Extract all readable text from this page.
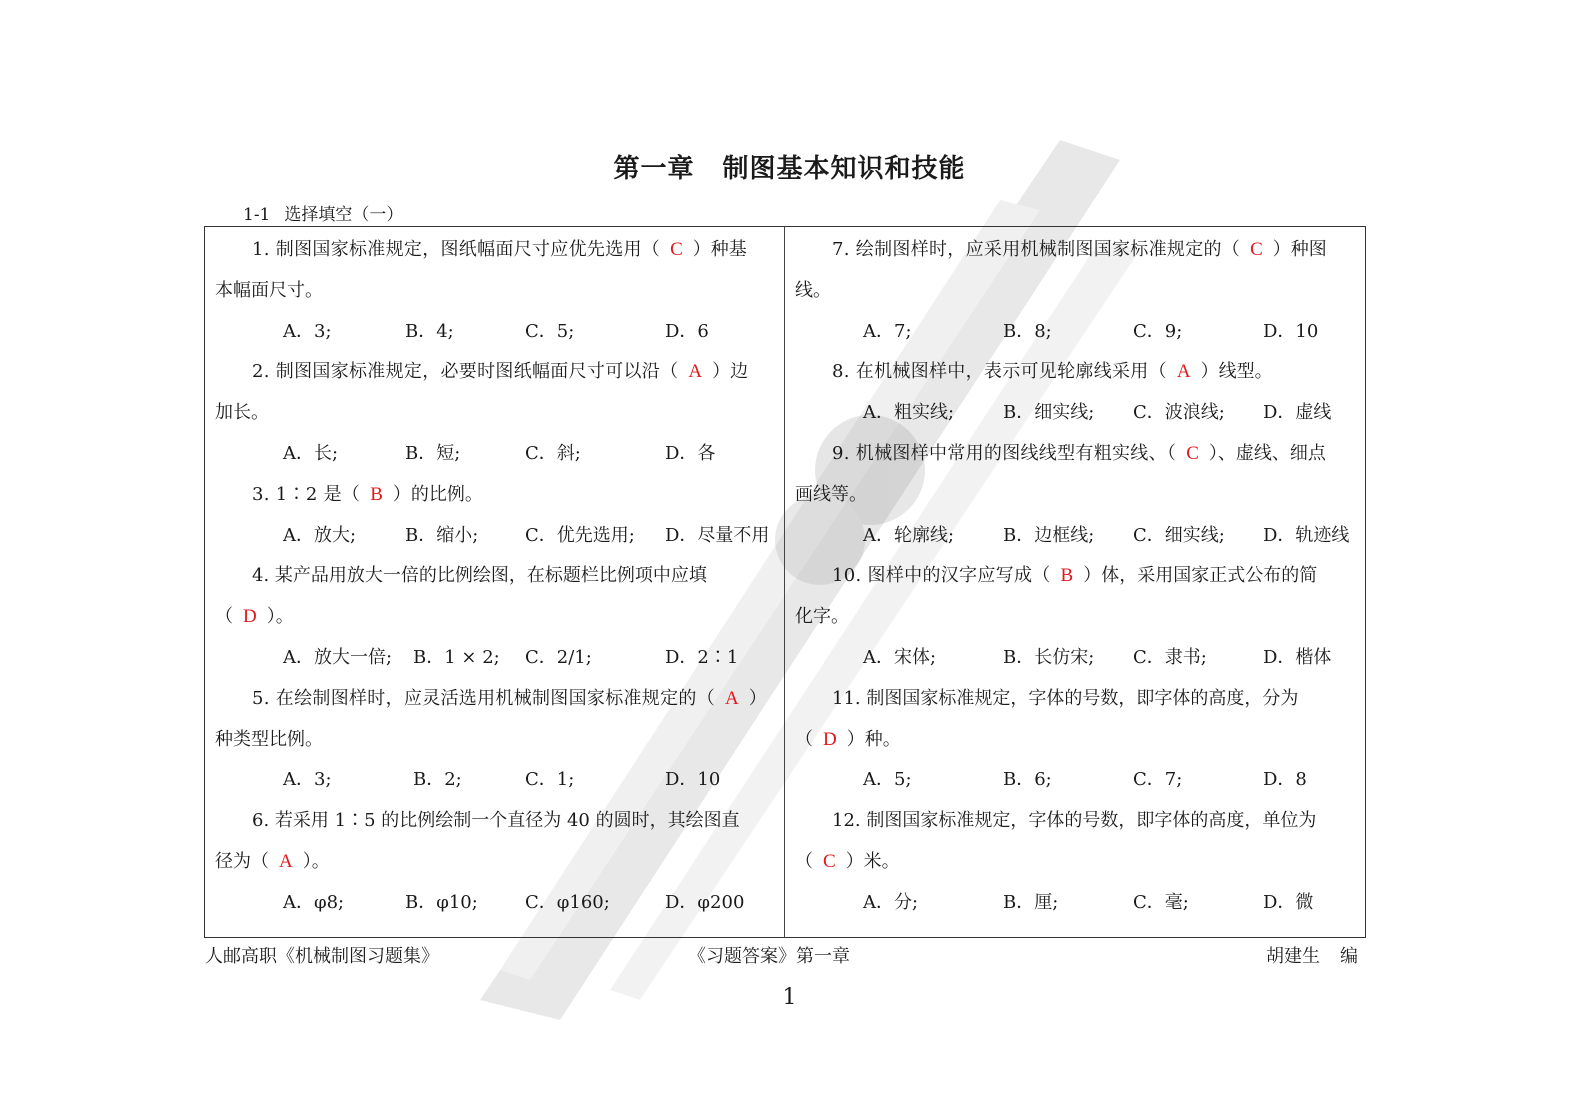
第一章 制图基本知识和技能
1-1 选择填空（一）
1. 制图国家标准规定，图纸幅面尺寸应优先选用（ C ）种基
本幅面尺寸。
A．3;	B．4;	C．5;	D．6
2. 制图国家标准规定，必要时图纸幅面尺寸可以沿（ A ）边
加长。
A．长;	B．短;	C．斜;	D．各
3. 1∶2 是（ B ）的比例。
A．放大;	B．缩小;	C．优先选用; D．尽量不用
4. 某产品用放大一倍的比例绘图，在标题栏比例项中应填
（ D ）。
A．放大一倍; B．1 × 2; C．2/1;	D．2∶1
5. 在绘制图样时，应灵活选用机械制图国家标准规定的（ A ）
种类型比例。
A．3;	B．2;	C．1;	D．10
6. 若采用 1∶5 的比例绘制一个直径为 40 的圆时，其绘图直
径为（ A ）。
A．φ8;	B．φ10;	C．φ160;	D．φ200
7. 绘制图样时，应采用机械制图国家标准规定的（ C ）种图
线。
A．7;	B．8;	C．9;	D．10
8. 在机械图样中，表示可见轮廓线采用（ A ）线型。
A．粗实线;	B．细实线; C．波浪线; D．虚线
9. 机械图样中常用的图线线型有粗实线、（ C ）、虚线、细点
画线等。
A．轮廓线;	B．边框线; C．细实线; D．轨迹线
10. 图样中的汉字应写成（ B ）体，采用国家正式公布的简
化字。
A．宋体;	B．长仿宋; C．隶书;	D．楷体
11. 制图国家标准规定，字体的号数，即字体的高度，分为
（ D ）种。
A．5;	B．6;	C．7;	D．8
12. 制图国家标准规定，字体的号数，即字体的高度，单位为
（ C ）米。
A．分;	B．厘;	C．毫;	D．微
人邮高职《机械制图习题集》	《习题答案》第一章	胡建生 编
1
